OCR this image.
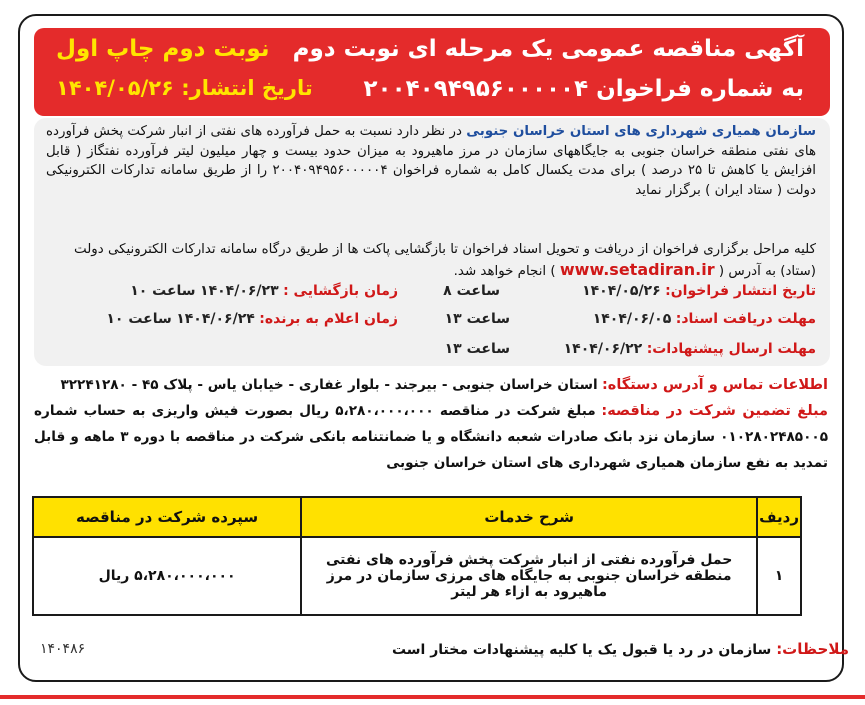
آگهی مناقصه عمومی یک مرحله ای نوبت دوم
به شماره فراخوان ۲۰۰۴۰۹۴۹۵۶۰۰۰۰۰۴
نوبت دوم چاپ اول
تاریخ انتشار: ۱۴۰۴/۰۵/۲۶
سازمان همیاری شهرداری های استان خراسان جنوبی در نظر دارد نسبت به حمل فرآورده های نفتی از انبار شرکت پخش فرآورده های نفتی منطقه خراسان جنوبی به جایگاههای سازمان در مرز ماهیرود به میزان حدود بیست و چهار میلیون لیتر فرآورده نفتگاز ( قابل افزایش یا کاهش تا ۲۵ درصد ) برای مدت یکسال کامل به شماره فراخوان ۲۰۰۴۰۹۴۹۵۶۰۰۰۰۰۴ را از طریق سامانه تدارکات الکترونیکی دولت ( ستاد ایران ) برگزار نماید
کلیه مراحل برگزاری فراخوان از دریافت و تحویل اسناد فراخوان تا بازگشایی پاکت ها از طریق درگاه سامانه تدارکات الکترونیکی دولت (ستاد) به آدرس ( www.setadiran.ir ) انجام خواهد شد.
تاریخ انتشار فراخوان: ۱۴۰۴/۰۵/۲۶
ساعت ۸
زمان بازگشایی : ۱۴۰۴/۰۶/۲۳ ساعت ۱۰
مهلت دریافت اسناد: ۱۴۰۴/۰۶/۰۵
ساعت ۱۳
زمان اعلام به برنده: ۱۴۰۴/۰۶/۲۴ ساعت ۱۰
مهلت ارسال پیشنهادات: ۱۴۰۴/۰۶/۲۲
ساعت ۱۳
اطلاعات تماس و آدرس دستگاه: استان خراسان جنوبی - بیرجند - بلوار غفاری - خیابان یاس - پلاک ۴۵ - ۳۲۲۴۱۲۸۰
مبلغ تضمین شرکت در مناقصه: مبلغ شرکت در مناقصه ۵،۲۸۰،۰۰۰،۰۰۰ ریال بصورت فیش واریزی به حساب شماره ۰۱۰۲۸۰۲۴۸۵۰۰۵ سازمان نزد بانک صادرات شعبه دانشگاه و یا ضمانتنامه بانکی شرکت در مناقصه با دوره ۳ ماهه و قابل تمدید به نفع سازمان همیاری شهرداری های استان خراسان جنوبی
ردیف	شرح خدمات	سپرده شرکت در مناقصه
۱	حمل فرآورده نفتی از انبار شرکت پخش فرآورده های نفتی منطقه خراسان جنوبی به جایگاه های مرزی سازمان در مرز ماهیرود به ازاء هر لیتر	۵،۲۸۰،۰۰۰،۰۰۰ ریال
ملاحظات: سازمان در رد یا قبول یک یا کلیه پیشنهادات مختار است
۱۴۰۴۸۶
